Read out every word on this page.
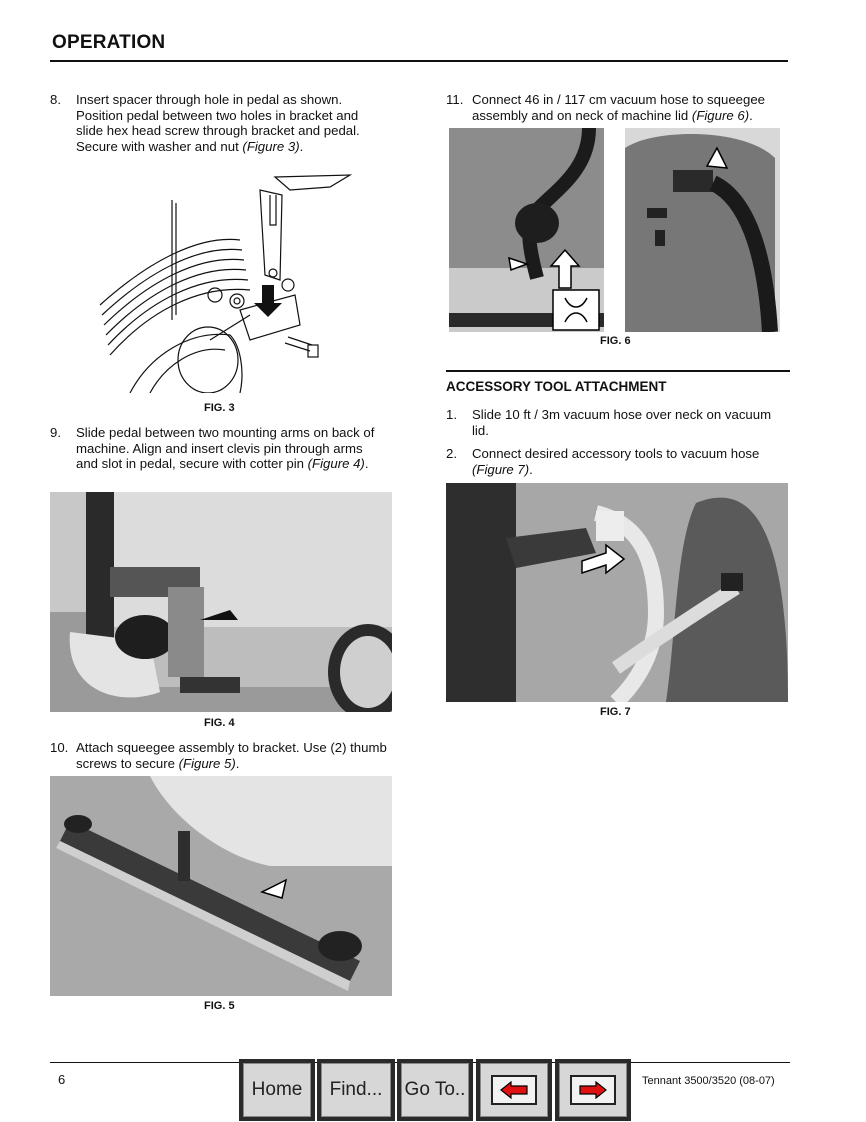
OPERATION
8. Insert spacer through hole in pedal as shown. Position pedal between two holes in bracket and slide hex head screw through bracket and pedal. Secure with washer and nut (Figure 3).
FIG. 3
9. Slide pedal between two mounting arms on back of machine. Align and insert clevis pin through arms and slot in pedal, secure with cotter pin (Figure 4).
FIG. 4
10. Attach squeegee assembly to bracket. Use (2) thumb screws to secure (Figure 5).
FIG. 5
11. Connect 46 in / 117 cm vacuum hose to squeegee assembly and on neck of machine lid (Figure 6).
FIG. 6
ACCESSORY TOOL ATTACHMENT
1. Slide 10 ft / 3m vacuum hose over neck on vacuum lid.
2. Connect desired accessory tools to vacuum hose (Figure 7).
FIG. 7
6	Tennant 3500/3520 (08-07)
Home	Find...	Go To..
